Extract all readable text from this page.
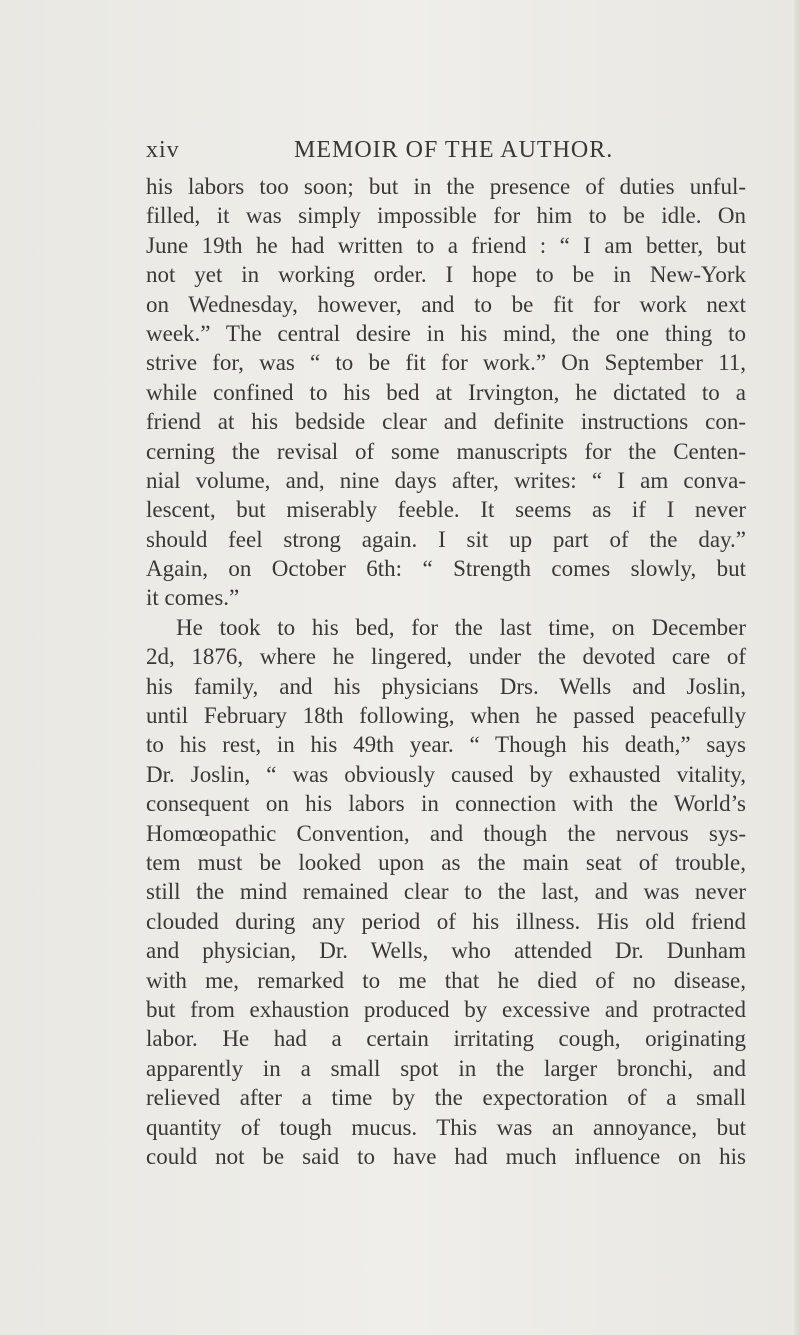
xiv	MEMOIR OF THE AUTHOR.
his labors too soon; but in the presence of duties unful-
filled, it was simply impossible for him to be idle. On
June 19th he had written to a friend : “ I am better, but
not yet in working order. I hope to be in New-York
on Wednesday, however, and to be fit for work next
week.” The central desire in his mind, the one thing to
strive for, was “ to be fit for work.” On September 11,
while confined to his bed at Irvington, he dictated to a
friend at his bedside clear and definite instructions con-
cerning the revisal of some manuscripts for the Centen-
nial volume, and, nine days after, writes: “ I am conva-
lescent, but miserably feeble. It seems as if I never
should feel strong again. I sit up part of the day.”
Again, on October 6th: “ Strength comes slowly, but
it comes.”
He took to his bed, for the last time, on December
2d, 1876, where he lingered, under the devoted care of
his family, and his physicians Drs. Wells and Joslin,
until February 18th following, when he passed peacefully
to his rest, in his 49th year. “ Though his death,” says
Dr. Joslin, “ was obviously caused by exhausted vitality,
consequent on his labors in connection with the World’s
Homœopathic Convention, and though the nervous sys-
tem must be looked upon as the main seat of trouble,
still the mind remained clear to the last, and was never
clouded during any period of his illness. His old friend
and physician, Dr. Wells, who attended Dr. Dunham
with me, remarked to me that he died of no disease,
but from exhaustion produced by excessive and protracted
labor. He had a certain irritating cough, originating
apparently in a small spot in the larger bronchi, and
relieved after a time by the expectoration of a small
quantity of tough mucus. This was an annoyance, but
could not be said to have had much influence on his
